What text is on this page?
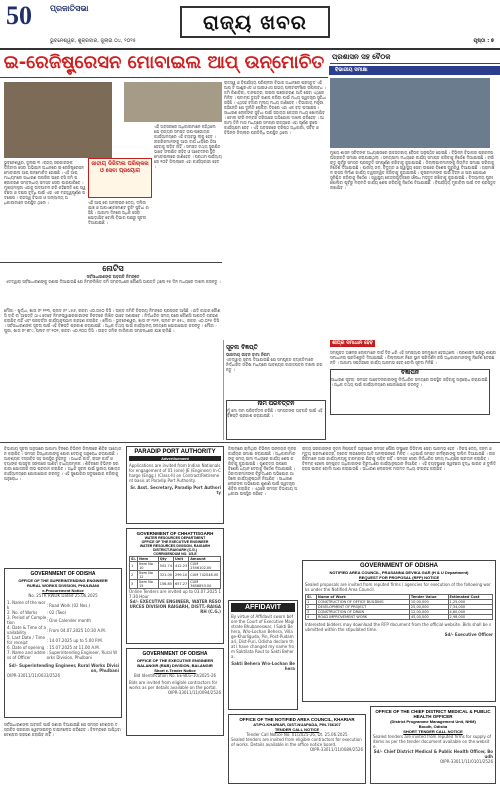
50 ପ୍ରଜାତିସଭା
ରାଜ୍ୟ ଖବର
ଭୁବନେଶ୍ୱର, ଶୁକ୍ରବାର, ଜୁଲାଇ ୦୪, ୨୦୨୫	ପୃଷ୍ଠା : ୭
ଇ-ରେଜିଷ୍ଟ୍ରେସନ ମୋବାଇଲ ଆପ୍ ଉନ୍ମୋଚିତ	ପ୍ରଶାସନ ସହ ବୈଠକ
ବିଭାଗୀୟ ସମୀକ୍ଷା
ଭୁବନେଶ୍ୱର, ଜୁଲାଇ ୩ ।ରାଜ୍ୟ ସରକାରଙ୍କ ଡିଜିଟାଲ ସେବା ଅଭିଯାନ ଅଧୀନରେ ଇ-ରେଜିଷ୍ଟ୍ରେସନ ମୋବାଇଲ ଆପ୍ ଉନ୍ମୋଚିତ ହୋଇଛି । ଏହି ଆପ୍ ମାଧ୍ୟମରେ ସାଧାରଣ ନାଗରିକ ଘରେ ବସି ଜମି ପଞ୍ଜୀକରଣ ସମ୍ବନ୍ଧୀୟ ସମସ୍ତ ସେବା ପାଇପାରିବେ । ମୁଖ୍ୟମନ୍ତ୍ରୀ ଏହାକୁ ଉଦ୍‌ଘାଟନ କରି କହିଛନ୍ତି ଯେ ସ୍ୱଚ୍ଛତା ଓ ଦକ୍ଷତା ବୃଦ୍ଧି ପାଇଁ ଏହା ଏକ ମହତ୍ତ୍ୱପୂର୍ଣ୍ଣ ପଦକ୍ଷେପ । ରାଜସ୍ୱ ବିଭାଗ ଓ ଅନ୍ୟାନ୍ୟ ଅଧିକାରୀମାନେ ଉପସ୍ଥିତ ଥିଲେ ।
ଜାତୀୟ ଡିଜିଟାଲ ପରିଚାଳନା ଓ ସେବା ପ୍ରୟୋଗ
ଏହି ଆପ୍ ରେ ଅନଲାଇନ ଦେୟ, ଦଲିଲ ଯାଞ୍ଚ ଓ ଆପଏଣ୍ଟମେଣ୍ଟ ବୁକିଂ ସୁବିଧା ରହିଛି । ଆଗାମୀ ଦିନରେ ଅଧିକ ସେବା ଯୋଡ଼ାଯିବ ବୋଲି ବିଭାଗ ପକ୍ଷରୁ ସୂଚନା ଦିଆଯାଇଛି ।
ଏହି ଅବସରରେ ଅଧିକାରୀମାନେ କହିଥିଲେ ଯେ ରାଜ୍ୟର ସମସ୍ତ ଉପ-ପଞ୍ଜୀୟକ କାର୍ଯ୍ୟାଳୟରେ ଏହି ବ୍ୟବସ୍ଥା ଲାଗୁ ହେବ । ନାଗରିକମାନଙ୍କୁ ଆଉ ଦୀର୍ଘ ଧାଡ଼ିରେ ଠିଆ ହେବାକୁ ପଡ଼ିବ ନାହିଁ । ସମସ୍ତ ତଥ୍ୟ ସୁରକ୍ଷିତ ଭାବେ ସଂରକ୍ଷିତ ରହିବ ଓ ଆବେଦନର ସ୍ଥିତି ମୋବାଇଲରେ ଜାଣିହେବ । ପ୍ରଥମ ପର୍ଯ୍ୟାୟରେ ୧୦ଟି ଜିଲ୍ଲାରେ ଏହା କାର୍ଯ୍ୟକାରୀ ହେବ ।
ରାଜସ୍ୱ ଓ ବିପର୍ଯ୍ୟୟ ପରିଚାଳନା ବିଭାଗ ଅଧୀନରେ ପ୍ରସ୍ତୁତ ଏହି ଆପ୍ ଟି ଆଣ୍ଡ୍ରଏଡ ଓ ଆଇଓଏସ ଉଭୟ ପ୍ଲାଟଫର୍ମରେ ଉପଲବ୍ଧ । ଜମି କିଣାବିକା, ଦାନପତ୍ର, ଉଇଲ ପଞ୍ଜୀକରଣ ଆଦି ସେବା ଏଥିରେ ମିଳିବ । ଷ୍ଟାମ୍ପ ଡ୍ୟୁଟି ଗଣନା କରିବା ପାଇଁ ମଧ୍ୟ ସ୍ୱତନ୍ତ୍ର ସୁବିଧା ରହିଛି । ଏଥିସହ ବଜାର ମୂଲ୍ୟ ମଧ୍ୟ ଜାଣିହେବ । ବିଭାଗୀୟ ମନ୍ତ୍ରୀ କହିଛନ୍ତି ଯେ ଦୁର୍ନୀତି ରୋକିବା ଦିଗରେ ଏହା ଏକ ବଡ଼ ପଦକ୍ଷେପ । ସାଧାରଣ ଲୋକଙ୍କ ସୁବିଧା ପାଇଁ ସହାୟତା କେନ୍ଦ୍ର ମଧ୍ୟ ଖୋଲାଯିବ । ଟୋଲ ଫ୍ରି ନମ୍ବର ଜରିଆରେ ଅଭିଯୋଗ ଦାଖଲ କରିହେବ । ଆଗାମୀ ତିନି ମାସ ମଧ୍ୟରେ ସମଗ୍ର ରାଜ୍ୟରେ ଏହା ପୂର୍ଣ୍ଣ ରୂପେ କାର୍ଯ୍ୟକ୍ଷମ ହେବ । ଏହି ଅବସରରେ ବରିଷ୍ଠ ଅଧିକାରୀ, ସଚିବ ଓ ବିଭିନ୍ନ ଜିଲ୍ଲାର ପ୍ରତିନିଧି ଉପସ୍ଥିତ ଥିଲେ ।
ମୁଖ୍ୟ ଶାସନ ସଚିବଙ୍କ ଅଧ୍ୟକ୍ଷତାରେ ଉଚ୍ଚସ୍ତରୀୟ ବୈଠକ ଅନୁଷ୍ଠିତ ହୋଇଛି । ବିଭିନ୍ନ ବିଭାଗର ପ୍ରକଳ୍ପ ଅଗ୍ରଗତି ସମୀକ୍ଷା କରାଯାଇଥିଲା । ସମୟସୀମା ମଧ୍ୟରେ କାର୍ଯ୍ୟ ସମାପ୍ତ କରିବାକୁ ନିର୍ଦ୍ଦେଶ ଦିଆଯାଇଛି । ବର୍ଷା ଋତୁ ପୂର୍ବରୁ ସମସ୍ତ ପ୍ରସ୍ତୁତି ସମ୍ପୂର୍ଣ୍ଣ କରିବାକୁ କୁହାଯାଇଛି । ଜିଲ୍ଲାପାଳମାନଙ୍କୁ ନିୟମିତ ସମୀକ୍ଷା କରିବାକୁ ନିର୍ଦ୍ଦେଶ ଦିଆଯାଇଛି । ପାନୀୟ ଜଳ, ବିଦ୍ୟୁତ ଓ ସ୍ୱାସ୍ଥ୍ୟ ସେବା ଉପରେ ବିଶେଷ ଗୁରୁତ୍ୱ ଦିଆଯାଇଛି । ଗ୍ରାମାଞ୍ଚଳ ରାସ୍ତା ନିର୍ମାଣ କାର୍ଯ୍ୟ ତ୍ୱରାନ୍ୱିତ କରିବାକୁ କୁହାଯାଇଛି । କୃଷକମାନଙ୍କ ପାଇଁ ବିହନ ଓ ସାର ଯୋଗାଣ ସୁନିଶ୍ଚିତ କରିବାକୁ ନିର୍ଦ୍ଦେଶ । ସ୍ୱାସ୍ଥ୍ୟ କେନ୍ଦ୍ରଗୁଡ଼ିକରେ ଔଷଧ ମହଜୁଦ ରଖିବାକୁ କୁହାଯାଇଛି । ବିଦ୍ୟାଳୟ ପୁନଃ ଖୋଲିବା ପୂର୍ବରୁ ମରାମତି କାର୍ଯ୍ୟ ଶେଷ କରିବାକୁ ନିର୍ଦ୍ଦେଶ ଦିଆଯାଇଛି । ବିପର୍ଯ୍ୟୟ ମୁକାବିଲା ପାଇଁ ଦଳ ପ୍ରସ୍ତୁତ ରଖାଯିବ ।
ଶୀଘ୍ର ସମାଧାନ ହେବ
ନୋଟିସ
ସର୍ବସାଧାରଣଙ୍କ ଅବଗତି ନିମନ୍ତେ
ଏତଦ୍ୱାରା ସର୍ବସାଧାରଣଙ୍କୁ ଜଣାଇ ଦିଆଯାଉଛି ଯେ ନିମ୍ନଲିଖିତ ଜମି ସମ୍ବନ୍ଧରେ କୌଣସି ଆପତ୍ତି ଥିଲେ ୧୫ ଦିନ ମଧ୍ୟରେ ଦାଖଲ କରନ୍ତୁ ।
ମୌଜା - ଖୁର୍ଦ୍ଧା, ଖାତା ନଂ ୧୨୩, ପ୍ଲଟ ନଂ ୪୫୬, ରକବା ଏ୦.୦୫୦ ଡିସି । ଉକ୍ତ ଜମିଟି ବିକ୍ରୟ ନିମନ୍ତେ ପ୍ରସ୍ତାବ ଆସିଛି । ଯଦି କାହାର କୌଣସି ଦାବି ବା ଆପତ୍ତି ଥାଏ ତେବେ ନିମ୍ନସ୍ୱାକ୍ଷରକାରୀଙ୍କ ନିକଟରେ ଲିଖିତ ଭାବେ ଜଣାଇବେ । ନିର୍ଦ୍ଧାରିତ ସମୟ ପରେ କୌଣସି ଆପତ୍ତି ଗ୍ରହଣ କରାଯିବ ନାହିଁ ଏବଂ ପରବର୍ତ୍ତୀ କାର୍ଯ୍ୟାନୁଷ୍ଠାନ ଗ୍ରହଣ କରାଯିବ । ମୌଜା - ଭୁବନେଶ୍ୱର, ଖାତା ନଂ ୩୨୧, ପ୍ଲଟ ନଂ ୬୫୪, ରକବା ଏ୦.୦୨୫ ଡିସି । ସର୍ବସାଧାରଣଙ୍କ ସୂଚନା ପାଇଁ ଏହି ବିଜ୍ଞପ୍ତି ପ୍ରକାଶ କରାଯାଉଛି । ଅଧିକ ତଥ୍ୟ ପାଇଁ କାର୍ଯ୍ୟାଳୟ ସମୟରେ ଯୋଗାଯୋଗ କରନ୍ତୁ । ମୌଜା - ପୁରୀ, ଖାତା ନଂ ୭୮୯, ପ୍ଲଟ ନଂ ୧୦୧, ରକବା ଏ୦.୧୦୦ ଡିସି । ଉକ୍ତ ଜମିର ମାଲିକାନା ସମ୍ବନ୍ଧରେ ଯାଞ୍ଚ ଚାଲିଛି ।
ସୂଚନା ବିଜ୍ଞପ୍ତି
ଭାରତୀୟ ଜୀବନ ବୀମା ନିଗମ
ଏତଦ୍ୱାରା ସୂଚନା ଦିଆଯାଉଛି ଯେ ସମ୍ପୃକ୍ତ ବ୍ୟକ୍ତିମାନେ ନିର୍ଦ୍ଧାରିତ ତାରିଖ ମଧ୍ୟରେ ଆବଶ୍ୟକ କାଗଜପତ୍ର ଦାଖଲ କରନ୍ତୁ ।
ନାମ ପରିବର୍ତ୍ତନ
ମୁଁ ମୋ ନାମ ପରିବର୍ତ୍ତନ କରିଛି । ସମସ୍ତଙ୍କ ଅବଗତି ପାଇଁ ଏହି ବିଜ୍ଞପ୍ତି ପ୍ରକାଶ କରାଯାଉଛି ।
ସମ୍ପୃକ୍ତ ଅଞ୍ଚଳର ଲୋକମାନେ ଦୀର୍ଘ ଦିନ ଧରି ଏହି ସମସ୍ୟାର ସମ୍ମୁଖୀନ ହେଉଥିଲେ । ପ୍ରଶାସନ ପକ୍ଷରୁ ଶୀଘ୍ର ସମାଧାନର ପ୍ରତିଶ୍ରୁତି ଦିଆଯାଇଛି । ଜିଲ୍ଲାପାଳ ନିଜେ ସ୍ଥାନ ପରିଦର୍ଶନ କରି ଅଧିକାରୀମାନଙ୍କୁ ନିର୍ଦ୍ଦେଶ ଦେଇଛନ୍ତି । ଆଗାମୀ ସପ୍ତାହରେ କାର୍ଯ୍ୟ ଆରମ୍ଭ ହେବ ବୋଲି ସୂଚନା ମିଳିଛି ।
ବିଜ୍ଞାପନ
ସାଧାରଣ ସୂଚନା: ସମସ୍ତ ଆବେଦନକାରୀଙ୍କୁ ନିର୍ଦ୍ଧାରିତ ସମୟରେ ଉପସ୍ଥିତ ରହିବାକୁ ଅନୁରୋଧ କରାଯାଉଛି । ଅଧିକ ତଥ୍ୟ ପାଇଁ କାର୍ଯ୍ୟାଳୟରେ ଯୋଗାଯୋଗ କରନ୍ତୁ ।
PARADIP PORT AUTHORITY
Advertisement
Applications are invited from Indian Nationals for engagement of 01 (one) JE (Engineer) In-Charge (Engg.) (Class-II) on Contract/Retirement basis at Paradip Port Authority.
Sr. Asst. Secretary, Paradip Port Authority
ବିଭାଗୀୟ ସୂଚନା ଅନୁସାରେ ଆଗାମୀ ଦିନରେ ବିଭିନ୍ନ ଜିଲ୍ଲାରେ ଶିବିର ଆୟୋଜନ କରାଯିବ । ସମସ୍ତ ହିତାଧିକାରୀଙ୍କୁ ଯୋଗ ଦେବାକୁ ଅନୁରୋଧ କରାଯାଉଛି । ଆବଶ୍ୟକ ଦସ୍ତାବିଜ ସହ ଉପସ୍ଥିତ ରୁହନ୍ତୁ । ଆଧାର କାର୍ଡ, ରାସନ କାର୍ଡ ଓ ବ୍ୟାଙ୍କ ପାସବୁକ ସଙ୍ଗରେ ଆଣିବା ବାଧ୍ୟତାମୂଳକ । ଶିବିରରେ ବିଭିନ୍ନ ସରକାରୀ ଯୋଜନାର ଲାଭ ପ୍ରଦାନ କରାଯିବ । ଅଧିକ ସୂଚନା ପାଇଁ ସ୍ଥାନୀୟ ପଞ୍ଚାୟତ କାର୍ଯ୍ୟାଳୟରେ ଯୋଗାଯୋଗ କରନ୍ତୁ । ଏହି ସୁଯୋଗର ସଦୁପଯୋଗ କରିବାକୁ ଅନୁରୋଧ ।
GOVERNMENT OF CHHATTISGARH
WATER RESOURCES DEPARTMENT
OFFICE OF THE EXECUTIVE ENGINEER
WATER RESOURCES DIVISION, RAIGARH
DISTRICT-RAIGARH (C.G.)
CORRIGENDUM NO. 1/5-E
Sl.	Item	Qty	Unit	Amount
1	Item No 10	502.74	412.23	CUM 2556102.00
2	Item No 12	321.00	299.10	CUM 742048.00
3	Item No 15	156.85	657.27	CUM 3658853.00
Online Tenders are invited up to 03.07.2025 17:30 Hour
Sd/- EXECUTIVE ENGINEER, WATER RESOURCES DIVISION RAIGARH, DISTT.-RAIGARH (C.G.)
GOVERNMENT OF ODISHA
OFFICE OF THE SUPERINTENDING ENGINEER
RURAL WORKS DIVISION, PHULBANI
e-Procurement Notice
No. 25TR RWDK Dated 25.06.2025
1. Name of the work	: Road Work (02 Nos.)
2. No. of Works	: 02 (Two)
3. Period of Completion	: One Calender month
4. Date & Time of availability	: From 04.07.2025 10:30 A.M.
5. Last Date / Time for receipt	: 14.07.2025 up to 5.00 P.M.
6. Date of opening	: 15.07.2025 at 11.00 A.M.
7. Name and address of Officer	: Superintending Engineer, Rural Works Division, Phulbani
Sd/- Superintending Engineer, Rural Works Division, Phulbani
OIPR-33011/11/0033/2526
GOVERNMENT OF ODISHA
OFFICE OF THE EXECUTIVE ENGINEER
BALANGIR (R&B) DIVISION, BALANGIR
Short e-Tender Notice
Bid Identification No. EE-BLG-10/2025-26
Bids are invited from eligible contractors for works as per details available on the portal.
OIPR-33011/11/0094/2526
AFFIDAVIT
By virtue of Affidavit sworn before the Court of Executive Magistrate Bhubaneswar, I Sakti Behera, W/o-Lochan Behera, Village-Kharliguda, Pin, Post-Pudamari, Dist-Puri, Odisha declare that I have changed my name from Saktilata Rout to Sakti Behera.
Sakti Behera W/o-Lochan Behera
ଜିଲ୍ଲାରେ ଚାଲିଥିବା ବିଭିନ୍ନ ଉନ୍ନୟନ ମୂଳକ କାର୍ଯ୍ୟର ସମୀକ୍ଷା କରାଯାଇଛି । ଅଧିକାରୀମାନଙ୍କୁ ସମୟ ସୀମା ମଧ୍ୟରେ କାର୍ଯ୍ୟ ଶେଷ କରିବାକୁ କୁହାଯାଇଛି । ଗୁଣବତ୍ତା ଉପରେ ବିଶେଷ ଧ୍ୟାନ ଦେବାକୁ ନିର୍ଦ୍ଦେଶ ଦିଆଯାଇଛି । ଠିକାଦାରମାନଙ୍କ ବିରୁଦ୍ଧରେ ଅଭିଯୋଗ ଆସିଲେ କାର୍ଯ୍ୟାନୁଷ୍ଠାନ ନିଆଯିବ । ସାଧାରଣ ଲୋକଙ୍କ ଅଭିଯୋଗ ଶୁଣାଣି ପାଇଁ ସ୍ୱତନ୍ତ୍ର ଶିବିର କରାଯିବ । ଏଥିରେ ସମସ୍ତ ବିଭାଗୀୟ ଅଧିକାରୀ ଉପସ୍ଥିତ ରହିବେ ।
GOVERNMENT OF ODISHA
NOTIFIED AREA COUNCIL, PRASANNA DEVIKA GAR (H & U Department)
REQUEST FOR PROPOSAL (RFP) NOTICE
Sealed proposals are invited from reputed firms / agencies for execution of the following works under the Notified Area Council.
Sl.	Name of Work	Tender Value	Estimated Cost
1	CONSTRUCTION OF OFFICE BUILDING	10,00,000	1,25,000
2	DEVELOPMENT OF PROJECT	25,00,000	7,34,000
3	CONSTRUCTION OF DRAIN	12,00,000	4,60,000
4	ROAD IMPROVEMENT WORK	45,00,000	2,98,000
Interested bidders may download the RFP document from the official website. Bids shall be submitted within the stipulated time.
Sd/- Executive Officer
ରାଜ୍ୟ ସରକାରଙ୍କ ନୂତନ ନିଷ୍ପତ୍ତି ଅନୁସାରେ ସମସ୍ତ ପୌର ସଂସ୍ଥାରେ ଡିଜିଟାଲ ସେବା ଆରମ୍ଭ ହେବ । ଟିକସ ଦେୟ, ଜନ୍ମ ଓ ମୃତ୍ୟୁ ପ୍ରମାଣପତ୍ର, ଟ୍ରେଡ ଲାଇସେନ୍ସ ଆଦି ଅନଲାଇନରେ ମିଳିବ । ଏଥିପାଇଁ ସମସ୍ତ କର୍ମଚାରୀଙ୍କୁ ତାଲିମ ଦିଆଯାଉଛି । ନାଗରିକମାନେ ଆଉ କାର୍ଯ୍ୟାଳୟକୁ ବାରମ୍ବାର ଯିବାକୁ ପଡ଼ିବ ନାହିଁ । ସମସ୍ତ ସେବା ନିର୍ଦ୍ଧାରିତ ସମୟ ମଧ୍ୟରେ ପ୍ରଦାନ କରାଯିବ । ବିଳମ୍ବ ହେଲେ ସମ୍ପୃକ୍ତ ଅଧିକାରୀଙ୍କ ବିରୁଦ୍ଧରେ କାର୍ଯ୍ୟାନୁଷ୍ଠାନ ନିଆଯିବ । ଏହି ବ୍ୟବସ୍ଥାରେ ସ୍ୱଚ୍ଛତା ବୃଦ୍ଧି ପାଇବ ଓ ଦୁର୍ନୀତି ହ୍ରାସ ପାଇବ ବୋଲି ଆଶା କରାଯାଉଛି । ସାଧାରଣ ଲୋକଙ୍କ ମତାମତ ମଧ୍ୟ ସଂଗ୍ରହ କରାଯିବ ।
OFFICE OF THE NOTIFIED AREA COUNCIL, KHARIAR
AT/PO-KHARIAR, DIST-NUAPADA, PIN-766107
TENDER CALL NOTICE
Tender Call Notice No. 01/2025-26, Dt. 25.06.2025
Sealed tenders are invited from eligible contractors for execution of works. Details available in the office notice board.
OIPR-33011/11/0089/2526
OFFICE OF THE CHIEF DISTRICT MEDICAL & PUBLIC HEALTH OFFICER
(District Programme Management Unit, NHM)
Boudh, Odisha
SHORT TENDER CALL NOTICE
Sealed tenders are invited from reputed firms for supply of items as per the tender document available on the website.
Sd/- Chief District Medical & Public Health Officer, Boudh
OIPR-33011/11/0101/2526
ସର୍ବସାଧାରଣଙ୍କ ଅବଗତି ପାଇଁ ଜଣାଇ ଦିଆଯାଉଛି ଯେ ସମସ୍ତ ଟେଣ୍ଡର ଦସ୍ତାବିଜ ସରକାରୀ ୱେବସାଇଟରୁ ଡାଉନଲୋଡ କରିହେବ । ବିଳମ୍ବରେ ଆସିଥିବା ଟେଣ୍ଡର ଗ୍ରହଣ କରାଯିବ ନାହିଁ ।
